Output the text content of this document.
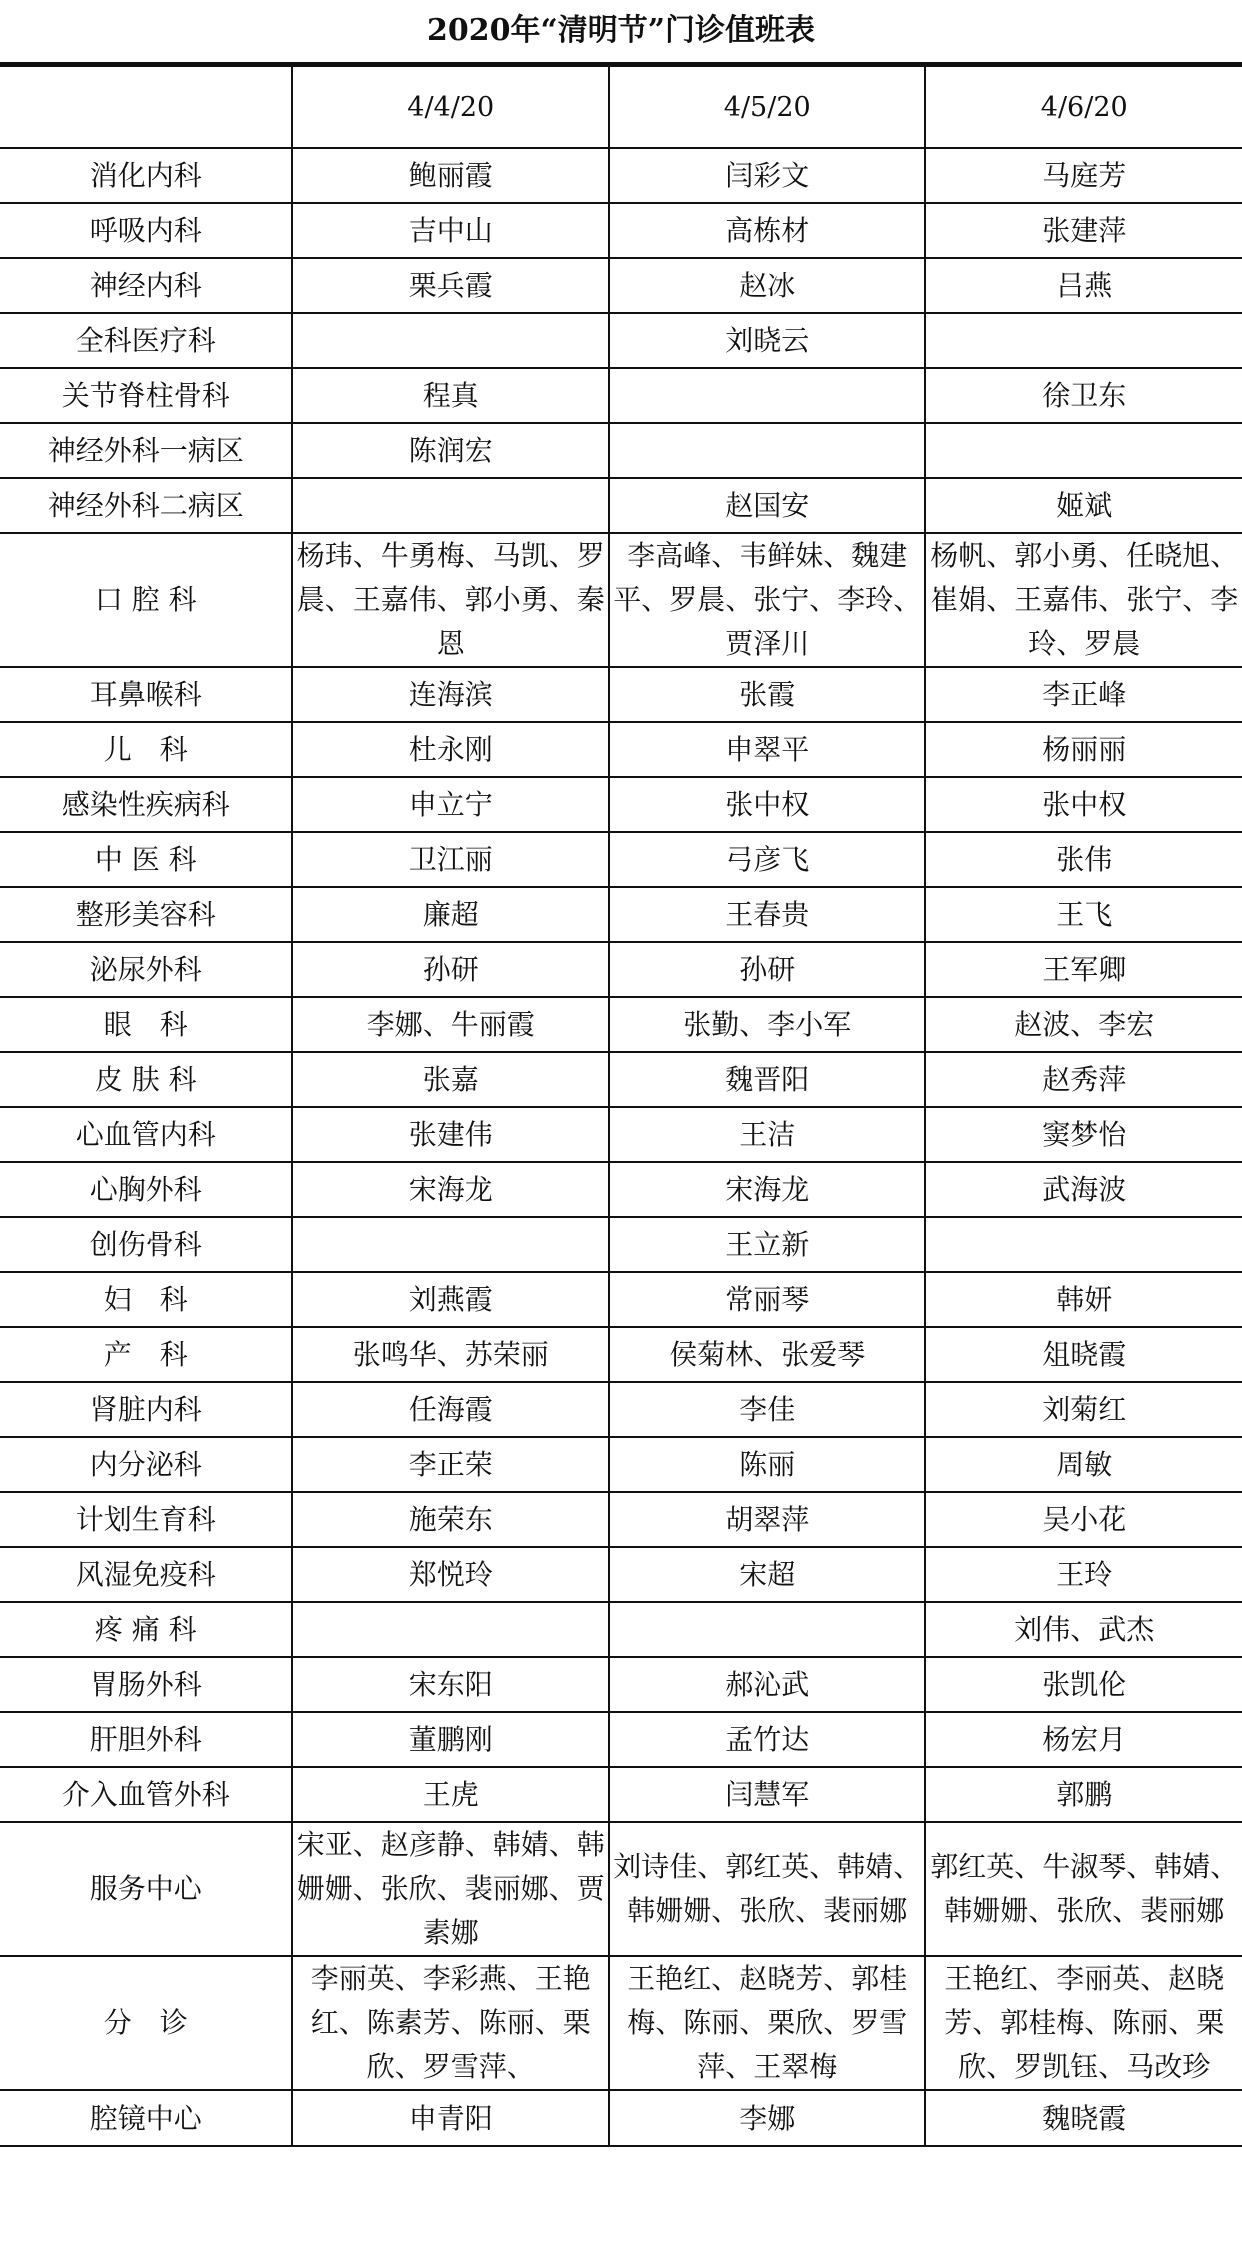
2020年“清明节”门诊值班表
	4/4/20	4/5/20	4/6/20
消化内科	鲍丽霞	闫彩文	马庭芳
呼吸内科	吉中山	高栋材	张建萍
神经内科	栗兵霞	赵冰	吕燕
全科医疗科		刘晓云	
关节脊柱骨科	程真		徐卫东
神经外科一病区	陈润宏		
神经外科二病区		赵国安	姬斌
口 腔 科	杨玮、牛勇梅、马凯、罗晨、王嘉伟、郭小勇、秦恩	李高峰、韦鲜妹、魏建平、罗晨、张宁、李玲、贾泽川	杨帆、郭小勇、任晓旭、崔娟、王嘉伟、张宁、李玲、罗晨
耳鼻喉科	连海滨	张霞	李正峰
儿　科	杜永刚	申翠平	杨丽丽
感染性疾病科	申立宁	张中权	张中权
中 医 科	卫江丽	弓彦飞	张伟
整形美容科	廉超	王春贵	王飞
泌尿外科	孙研	孙研	王军卿
眼　科	李娜、牛丽霞	张勤、李小军	赵波、李宏
皮 肤 科	张嘉	魏晋阳	赵秀萍
心血管内科	张建伟	王洁	窦梦怡
心胸外科	宋海龙	宋海龙	武海波
创伤骨科		王立新	
妇　科	刘燕霞	常丽琴	韩妍
产　科	张鸣华、苏荣丽	侯菊林、张爱琴	俎晓霞
肾脏内科	任海霞	李佳	刘菊红
内分泌科	李正荣	陈丽	周敏
计划生育科	施荣东	胡翠萍	吴小花
风湿免疫科	郑悦玲	宋超	王玲
疼 痛 科			刘伟、武杰
胃肠外科	宋东阳	郝沁武	张凯伦
肝胆外科	董鹏刚	孟竹达	杨宏月
介入血管外科	王虎	闫慧军	郭鹏
服务中心	宋亚、赵彦静、韩婧、韩姗姗、张欣、裴丽娜、贾素娜	刘诗佳、郭红英、韩婧、韩姗姗、张欣、裴丽娜	郭红英、牛淑琴、韩婧、韩姗姗、张欣、裴丽娜
分　诊	李丽英、李彩燕、王艳红、陈素芳、陈丽、栗欣、罗雪萍、	王艳红、赵晓芳、郭桂梅、陈丽、栗欣、罗雪萍、王翠梅	王艳红、李丽英、赵晓芳、郭桂梅、陈丽、栗欣、罗凯钰、马改珍
腔镜中心	申青阳	李娜	魏晓霞
